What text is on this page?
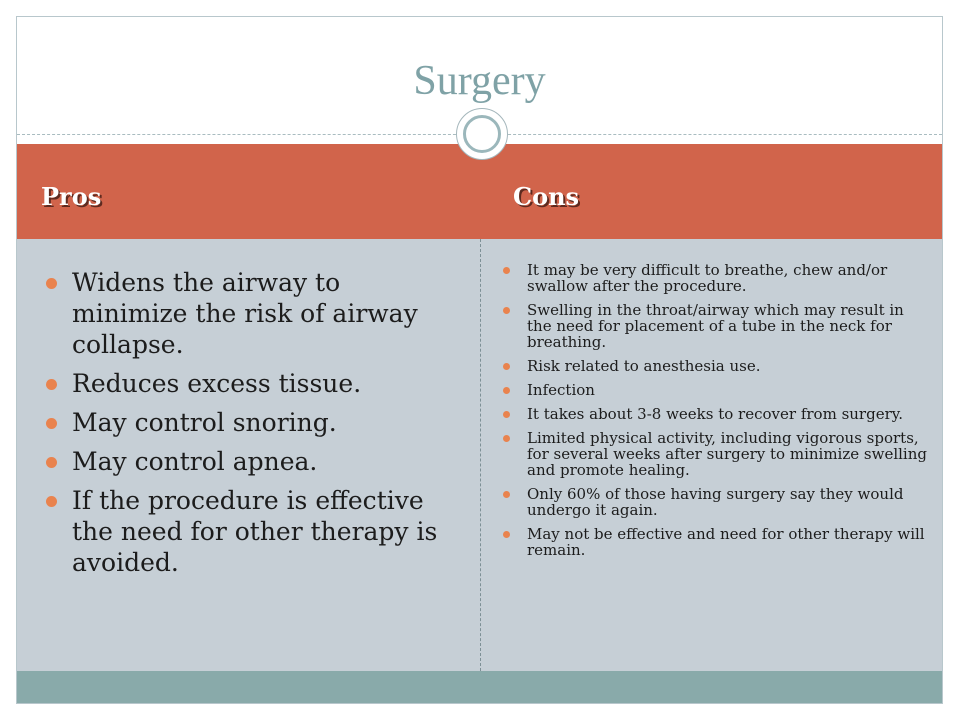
Surgery
Pros	Cons
Widens the airway to minimize the risk of airway collapse.
Reduces excess tissue.
May control snoring.
May control apnea.
If the procedure is effective the need for other therapy is avoided.
It may be very difficult to breathe, chew and/or swallow after the procedure.
Swelling in the throat/airway which may result in the need for placement of a tube in the neck for breathing.
Risk related to anesthesia use.
Infection
It takes about 3-8 weeks to recover from surgery.
Limited physical activity, including vigorous sports, for several weeks after surgery to minimize swelling and promote healing.
Only 60% of those having surgery say they would undergo it again.
May not be effective and need for other therapy will remain.
